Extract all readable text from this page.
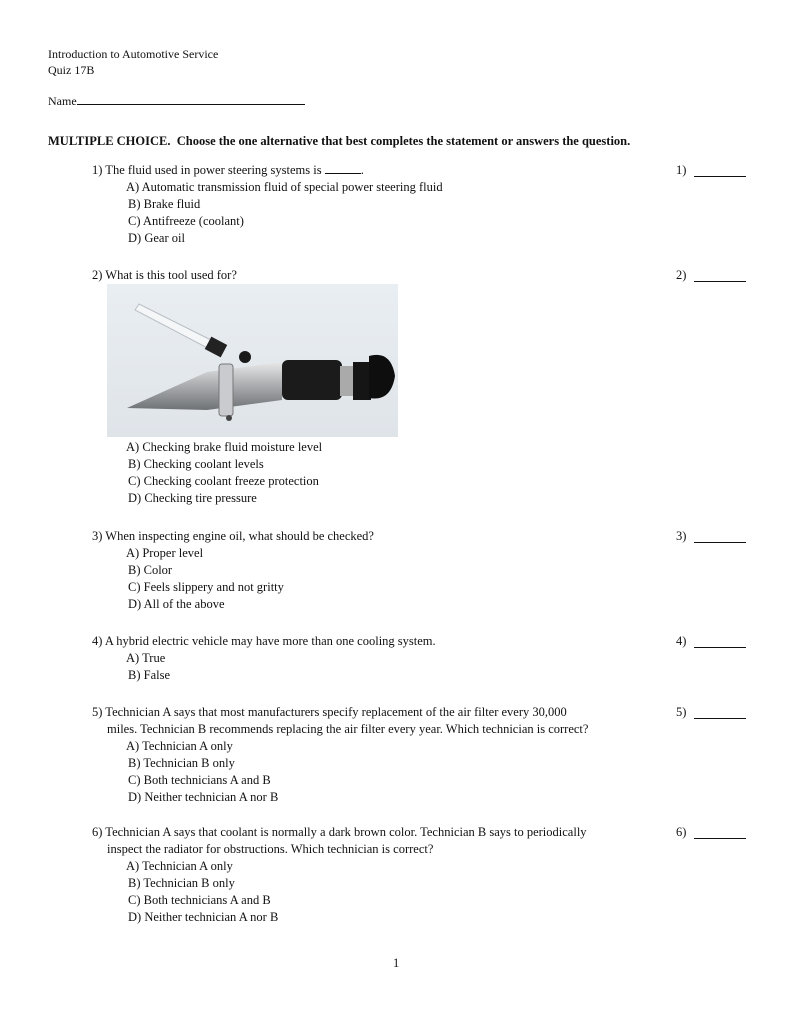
Introduction to Automotive Service
Quiz 17B
Name
MULTIPLE CHOICE. Choose the one alternative that best completes the statement or answers the question.
1) The fluid used in power steering systems is	.
A) Automatic transmission fluid of special power steering fluid
B) Brake fluid
C) Antifreeze (coolant)
D) Gear oil
1)
2) What is this tool used for?
A) Checking brake fluid moisture level
B) Checking coolant levels
C) Checking coolant freeze protection
D) Checking tire pressure
2)
3) When inspecting engine oil, what should be checked?
A) Proper level
B) Color
C) Feels slippery and not gritty
D) All of the above
3)
4) A hybrid electric vehicle may have more than one cooling system.
A) True
B) False
4)
5) Technician A says that most manufacturers specify replacement of the air filter every 30,000
miles. Technician B recommends replacing the air filter every year. Which technician is correct?
A) Technician A only
B) Technician B only
C) Both technicians A and B
D) Neither technician A nor B
5)
6) Technician A says that coolant is normally a dark brown color. Technician B says to periodically
inspect the radiator for obstructions. Which technician is correct?
A) Technician A only
B) Technician B only
C) Both technicians A and B
D) Neither technician A nor B
6)
1
